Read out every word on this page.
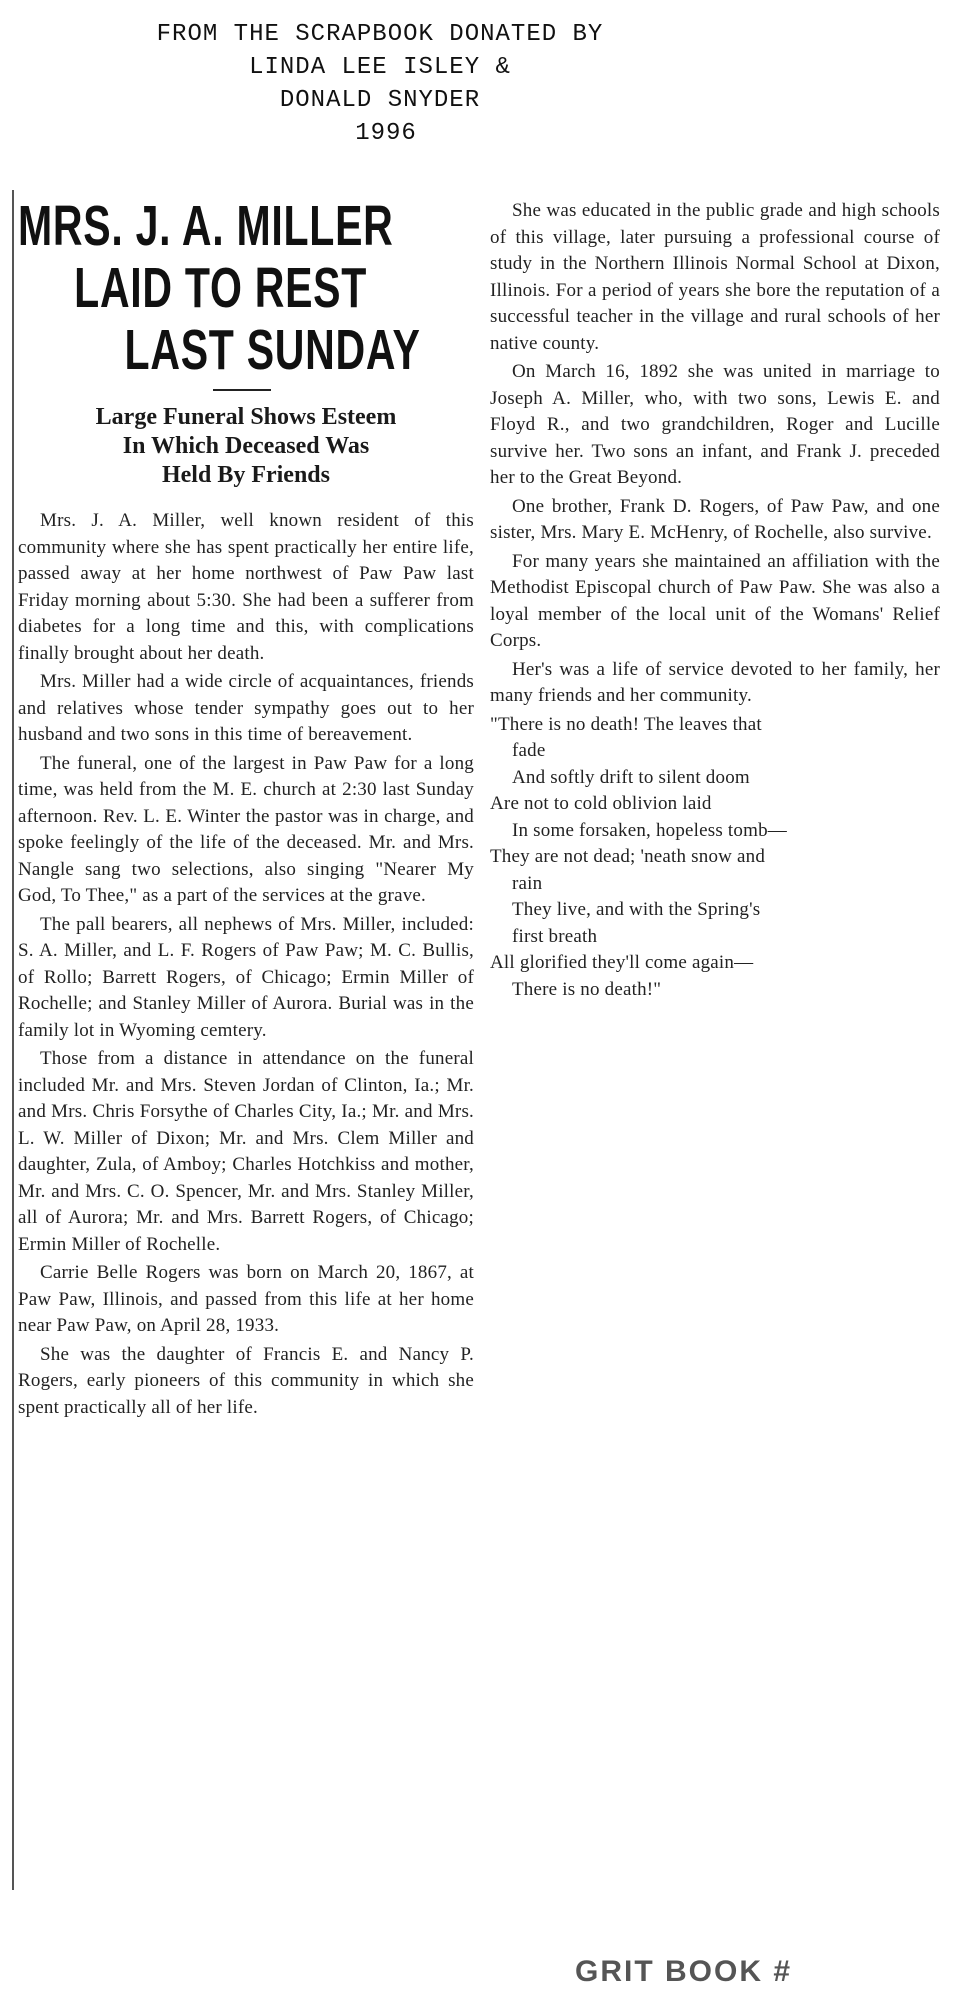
FROM THE SCRAPBOOK DONATED BY
LINDA LEE ISLEY &
DONALD SNYDER
1996
MRS. J. A. MILLER
LAID TO REST
LAST SUNDAY
Large Funeral Shows Esteem
In Which Deceased Was
Held By Friends

Mrs. J. A. Miller, well known resident of this community where she has spent practically her entire life, passed away at her home northwest of Paw Paw last Friday morning about 5:30. She had been a sufferer from diabetes for a long time and this, with complications finally brought about her death.

Mrs. Miller had a wide circle of acquaintances, friends and relatives whose tender sympathy goes out to her husband and two sons in this time of bereavement.

The funeral, one of the largest in Paw Paw for a long time, was held from the M. E. church at 2:30 last Sunday afternoon. Rev. L. E. Winter the pastor was in charge, and spoke feelingly of the life of the deceased. Mr. and Mrs. Nangle sang two selections, also singing "Nearer My God, To Thee," as a part of the services at the grave.

The pall bearers, all nephews of Mrs. Miller, included: S. A. Miller, and L. F. Rogers of Paw Paw; M. C. Bullis, of Rollo; Barrett Rogers, of Chicago; Ermin Miller of Rochelle; and Stanley Miller of Aurora. Burial was in the family lot in Wyoming cemtery.

Those from a distance in attendance on the funeral included Mr. and Mrs. Steven Jordan of Clinton, Ia.; Mr. and Mrs. Chris Forsythe of Charles City, Ia.; Mr. and Mrs. L. W. Miller of Dixon; Mr. and Mrs. Clem Miller and daughter, Zula, of Amboy; Charles Hotchkiss and mother, Mr. and Mrs. C. O. Spencer, Mr. and Mrs. Stanley Miller, all of Aurora; Mr. and Mrs. Barrett Rogers, of Chicago; Ermin Miller of Rochelle.

Carrie Belle Rogers was born on March 20, 1867, at Paw Paw, Illinois, and passed from this life at her home near Paw Paw, on April 28, 1933.

She was the daughter of Francis E. and Nancy P. Rogers, early pioneers of this community in which she spent practically all of her life.

She was educated in the public grade and high schools of this village, later pursuing a professional course of study in the Northern Illinois Normal School at Dixon, Illinois. For a period of years she bore the reputation of a successful teacher in the village and rural schools of her native county.

On March 16, 1892 she was united in marriage to Joseph A. Miller, who, with two sons, Lewis E. and Floyd R., and two grandchildren, Roger and Lucille survive her. Two sons an infant, and Frank J. preceded her to the Great Beyond.

One brother, Frank D. Rogers, of Paw Paw, and one sister, Mrs. Mary E. McHenry, of Rochelle, also survive.

For many years she maintained an affiliation with the Methodist Episcopal church of Paw Paw. She was also a loyal member of the local unit of the Womans' Relief Corps.

Her's was a life of service devoted to her family, her many friends and her community.

"There is no death! The leaves that
fade
And softly drift to silent doom
Are not to cold oblivion laid
In some forsaken, hopeless tomb—
They are not dead; 'neath snow and
rain
They live, and with the Spring's
first breath
All glorified they'll come again—
There is no death!"
GRIT BOOK #
